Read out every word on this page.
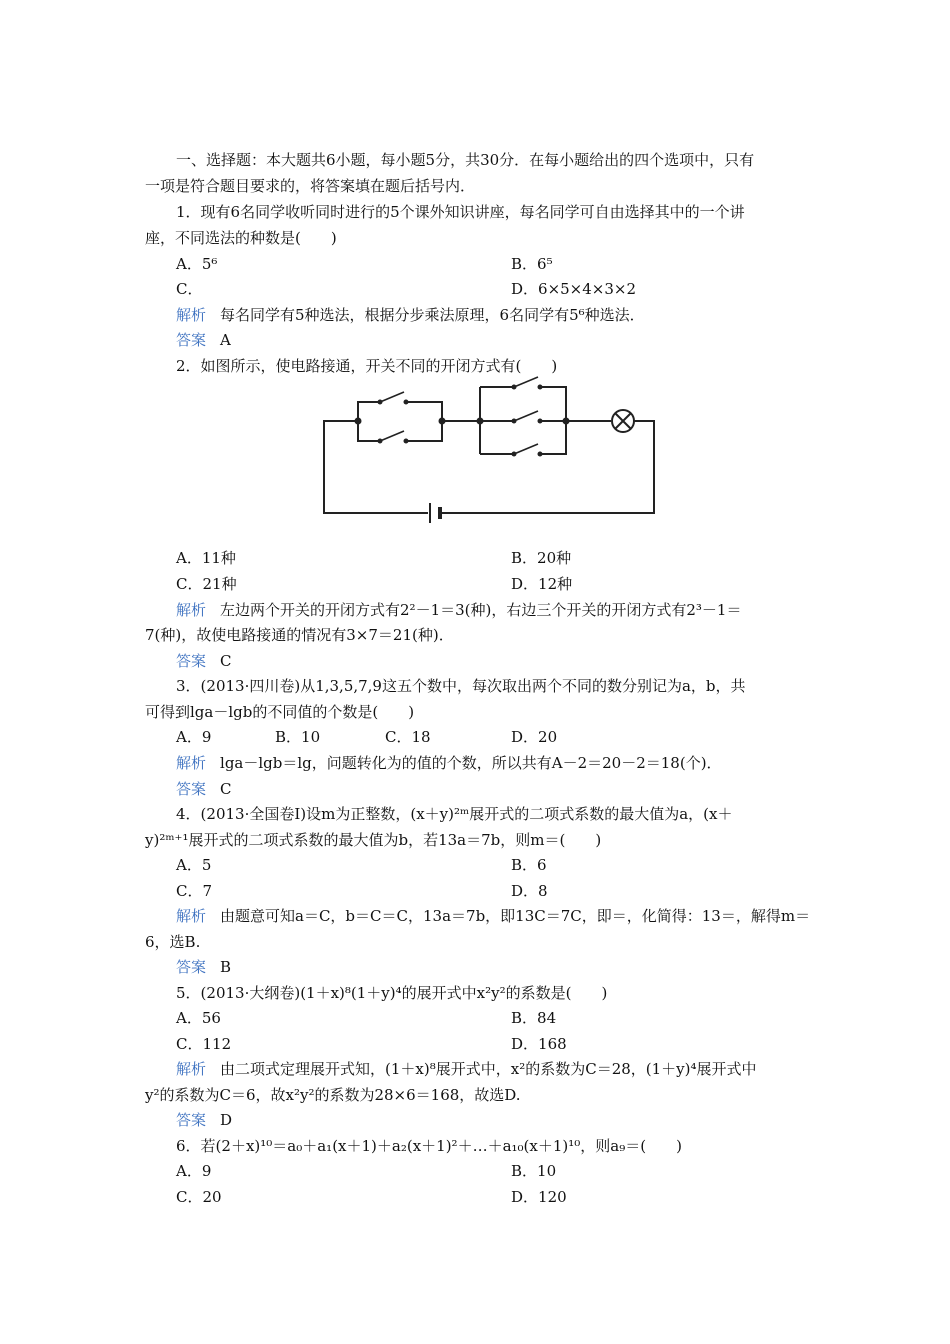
一、选择题：本大题共6小题，每小题5分，共30分．在每小题给出的四个选项中，只有
一项是符合题目要求的，将答案填在题后括号内．
1．现有6名同学收听同时进行的5个课外知识讲座，每名同学可自由选择其中的一个讲
座，不同选法的种数是(　　)
A．5⁶	B．6⁵
C．	D．6×5×4×3×2
解析 每名同学有5种选法，根据分步乘法原理，6名同学有5⁶种选法．
答案 A
2．如图所示，使电路接通，开关不同的开闭方式有(　　)
A．11种	B．20种
C．21种	D．12种
解析 左边两个开关的开闭方式有2²－1＝3(种)，右边三个开关的开闭方式有2³－1＝
7(种)，故使电路接通的情况有3×7＝21(种)．
答案 C
3．(2013·四川卷)从1,3,5,7,9这五个数中，每次取出两个不同的数分别记为a，b，共
可得到lga－lgb的不同值的个数是(　　)
A．9	B．10	C．18	D．20
解析 lga－lgb＝lg，问题转化为的值的个数，所以共有A－2＝20－2＝18(个)．
答案 C
4．(2013·全国卷Ⅰ)设m为正整数，(x＋y)²ᵐ展开式的二项式系数的最大值为a，(x＋
y)²ᵐ⁺¹展开式的二项式系数的最大值为b，若13a＝7b，则m＝(　　)
A．5	B．6
C．7	D．8
解析 由题意可知a＝C，b＝C＝C，13a＝7b，即13C＝7C，即＝，化简得：13＝，解得m＝
6，选B.
答案 B
5．(2013·大纲卷)(1＋x)⁸(1＋y)⁴的展开式中x²y²的系数是(　　)
A．56	B．84
C．112	D．168
解析 由二项式定理展开式知，(1＋x)⁸展开式中，x²的系数为C＝28，(1＋y)⁴展开式中
y²的系数为C＝6，故x²y²的系数为28×6＝168，故选D.
答案 D
6．若(2＋x)¹⁰＝a₀＋a₁(x＋1)＋a₂(x＋1)²＋…＋a₁₀(x＋1)¹⁰，则a₉＝(　　)
A．9	B．10
C．20	D．120
